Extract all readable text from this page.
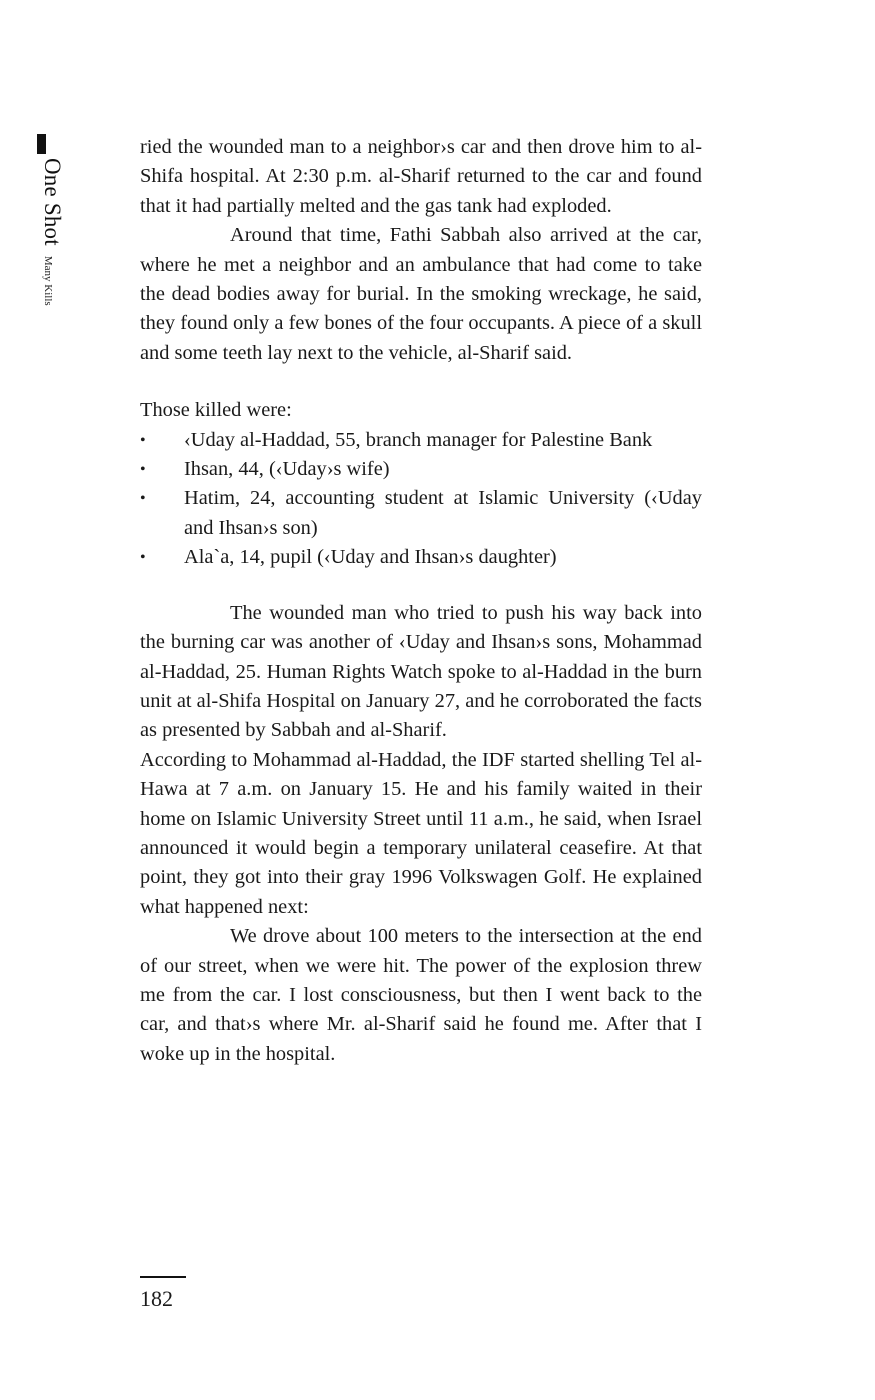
One ShotMany Kills

ried the wounded man to a neighbor›s car and then drove him to al-Shifa hospital. At 2:30 p.m. al-Sharif returned to the car and found that it had partially melted and the gas tank had exploded.

Around that time, Fathi Sabbah also arrived at the car, where he met a neighbor and an ambulance that had come to take the dead bodies away for burial. In the smoking wreckage, he said, they found only a few bones of the four occupants. A piece of a skull and some teeth lay next to the vehicle, al-Sharif said.

Those killed were:

• ‹Uday al-Haddad, 55, branch manager for Palestine Bank
• Ihsan, 44, (‹Uday›s wife)
• Hatim, 24, accounting student at Islamic University (‹Uday and Ihsan›s son)
• Ala`a, 14, pupil (‹Uday and Ihsan›s daughter)

The wounded man who tried to push his way back into the burning car was another of ‹Uday and Ihsan›s sons, Mohammad al-Haddad, 25. Human Rights Watch spoke to al-Haddad in the burn unit at al-Shifa Hospital on January 27, and he corroborated the facts as presented by Sabbah and al-Sharif.

According to Mohammad al-Haddad, the IDF started shelling Tel al-Hawa at 7 a.m. on January 15. He and his family waited in their home on Islamic University Street until 11 a.m., he said, when Israel announced it would begin a temporary unilateral ceasefire. At that point, they got into their gray 1996 Volkswagen Golf. He explained what happened next:

We drove about 100 meters to the intersection at the end of our street, when we were hit. The power of the explosion threw me from the car. I lost consciousness, but then I went back to the car, and that›s where Mr. al-Sharif said he found me. After that I woke up in the hospital.

182
